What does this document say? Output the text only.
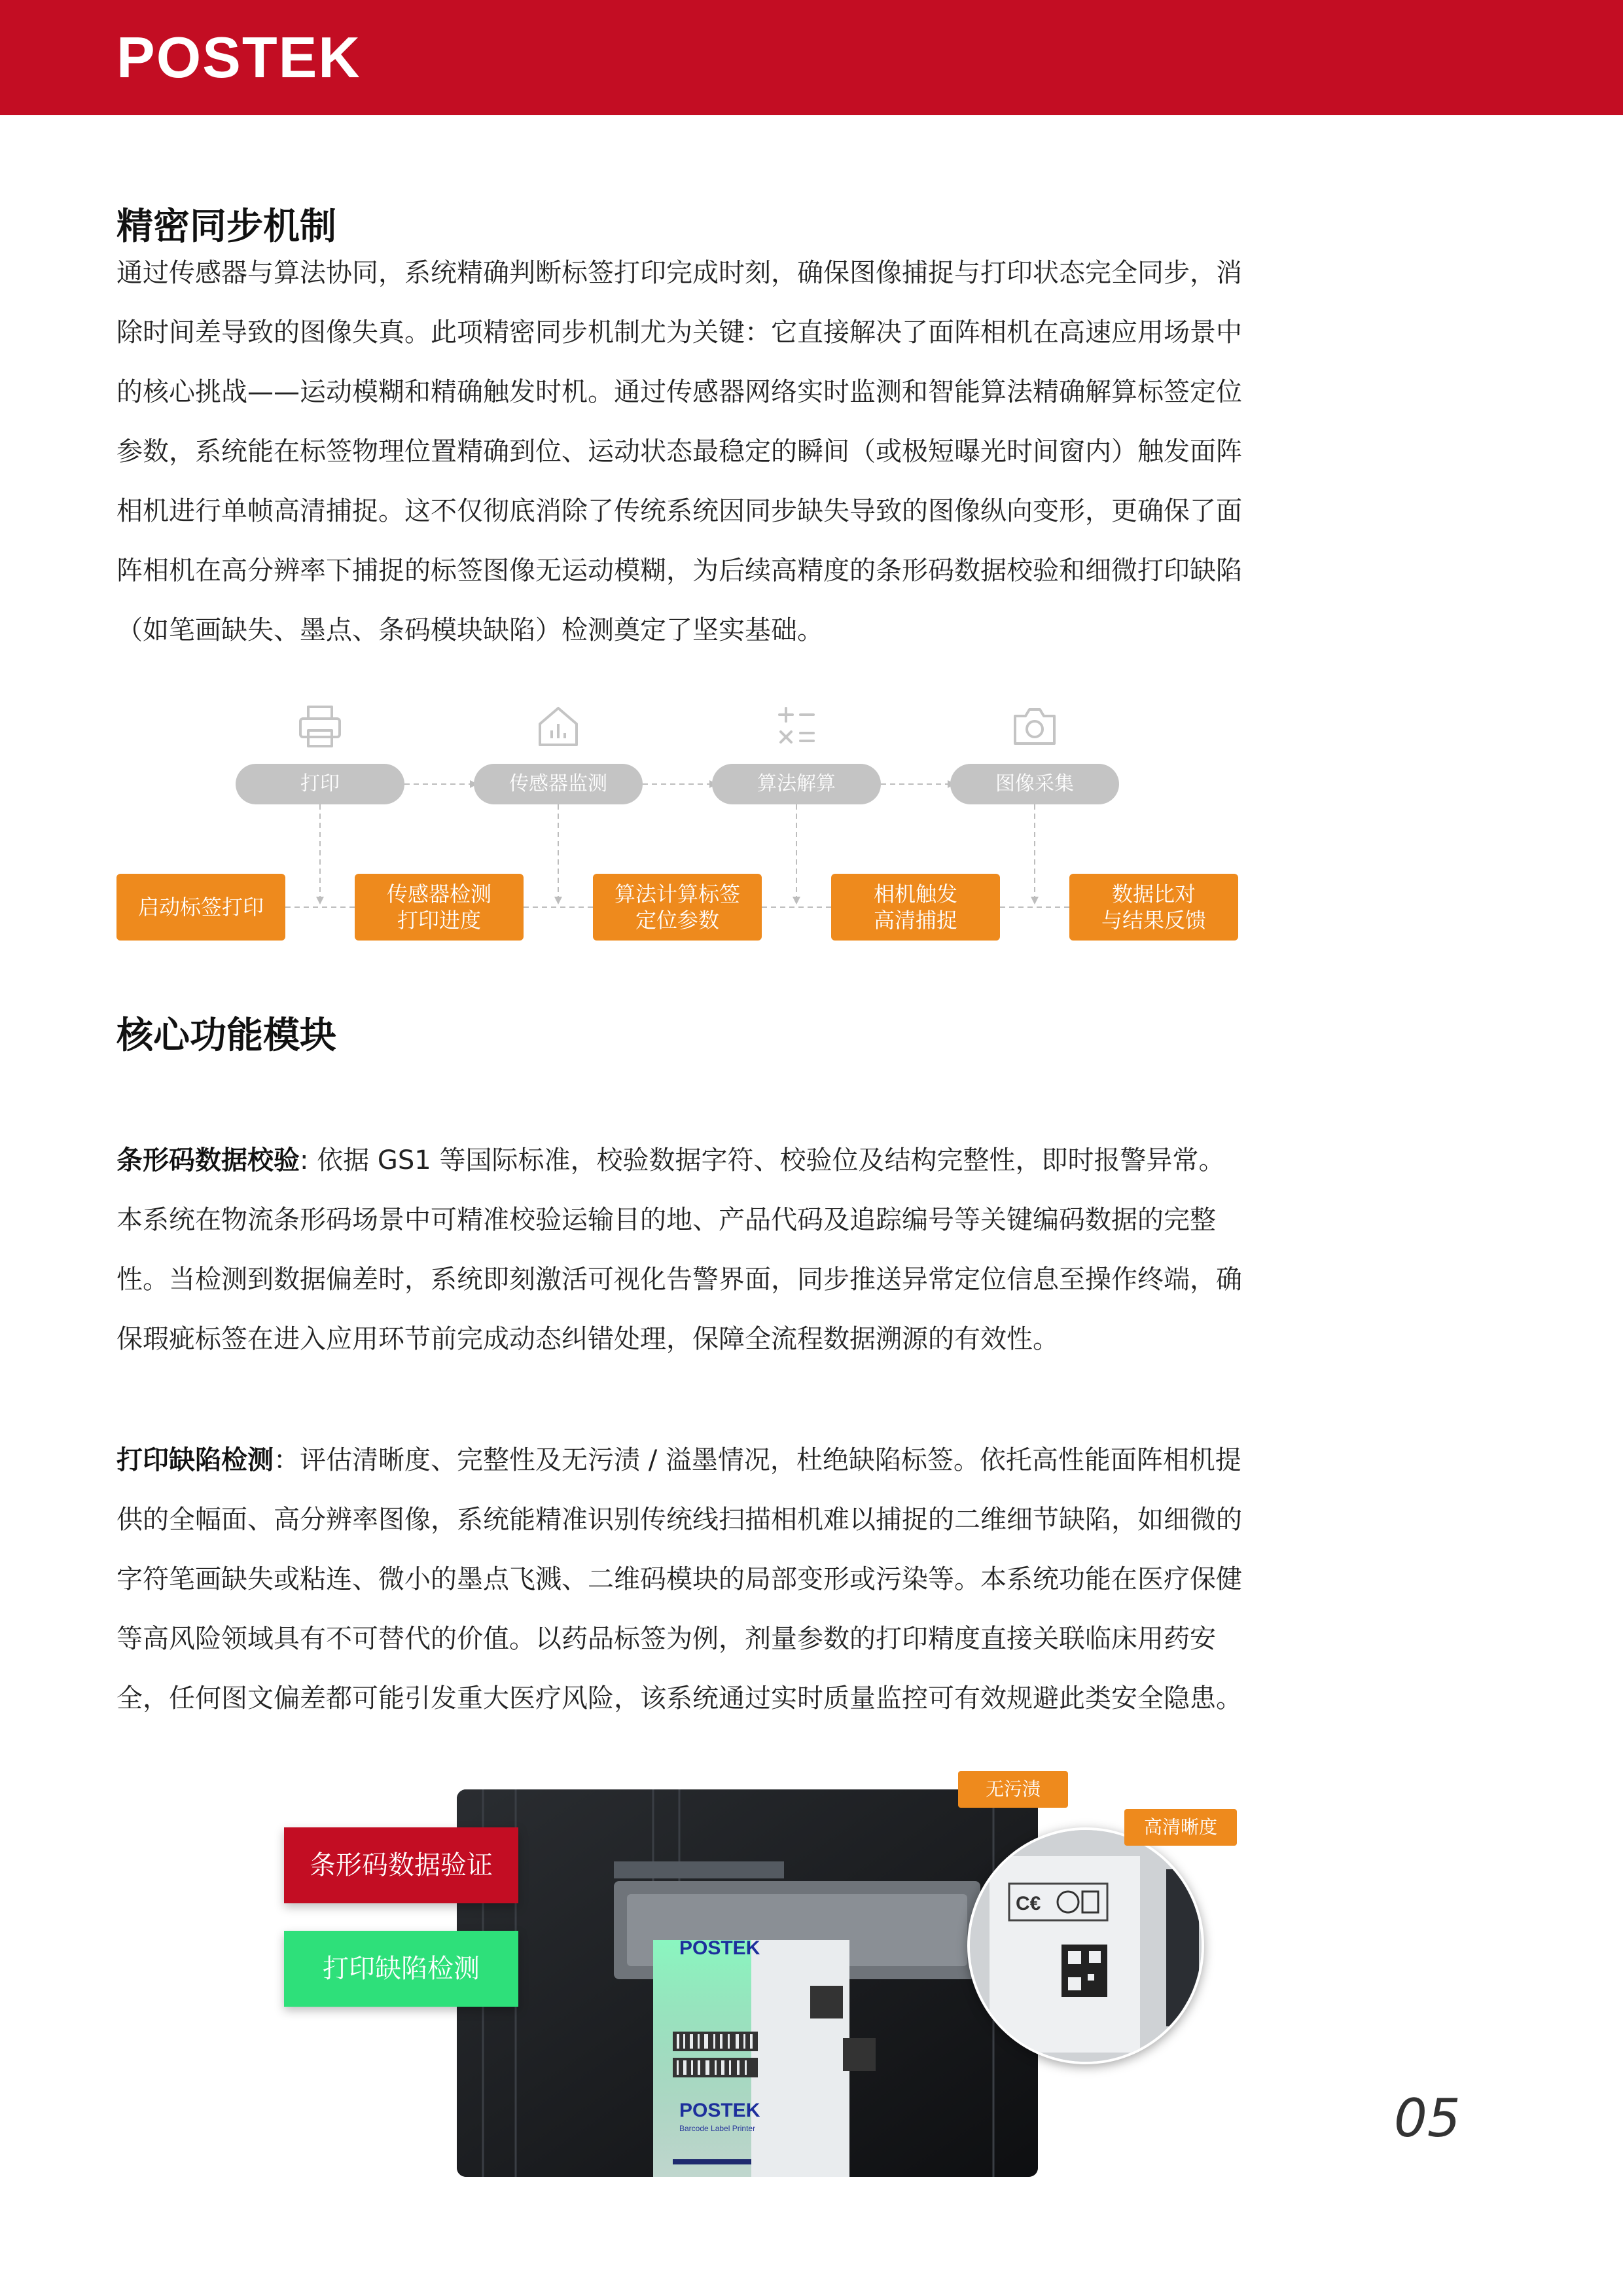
POSTEK
精密同步机制
通过传感器与算法协同，系统精确判断标签打印完成时刻，确保图像捕捉与打印状态完全同步，消除时间差导致的图像失真。此项精密同步机制尤为关键：它直接解决了面阵相机在高速应用场景中的核心挑战——运动模糊和精确触发时机。通过传感器网络实时监测和智能算法精确解算标签定位参数，系统能在标签物理位置精确到位、运动状态最稳定的瞬间（或极短曝光时间窗内）触发面阵相机进行单帧高清捕捉。这不仅彻底消除了传统系统因同步缺失导致的图像纵向变形，更确保了面阵相机在高分辨率下捕捉的标签图像无运动模糊，为后续高精度的条形码数据校验和细微打印缺陷（如笔画缺失、墨点、条码模块缺陷）检测奠定了坚实基础。
打印	传感器监测	算法解算	图像采集
启动标签打印
传感器检测
打印进度
算法计算标签
定位参数
相机触发
高清捕捉
数据比对
与结果反馈
核心功能模块
条形码数据校验: 依据 GS1 等国际标准，校验数据字符、校验位及结构完整性，即时报警异常。本系统在物流条形码场景中可精准校验运输目的地、产品代码及追踪编号等关键编码数据的完整性。当检测到数据偏差时，系统即刻激活可视化告警界面，同步推送异常定位信息至操作终端，确保瑕疵标签在进入应用环节前完成动态纠错处理，保障全流程数据溯源的有效性。
打印缺陷检测：评估清晰度、完整性及无污渍 / 溢墨情况，杜绝缺陷标签。依托高性能面阵相机提供的全幅面、高分辨率图像，系统能精准识别传统线扫描相机难以捕捉的二维细节缺陷，如细微的字符笔画缺失或粘连、微小的墨点飞溅、二维码模块的局部变形或污染等。本系统功能在医疗保健等高风险领域具有不可替代的价值。以药品标签为例，剂量参数的打印精度直接关联临床用药安全，任何图文偏差都可能引发重大医疗风险，该系统通过实时质量监控可有效规避此类安全隐患。
POSTEK
POSTEK
Barcode Label Printer
C€
条形码数据验证
打印缺陷检测
无污渍
高清晰度
05
